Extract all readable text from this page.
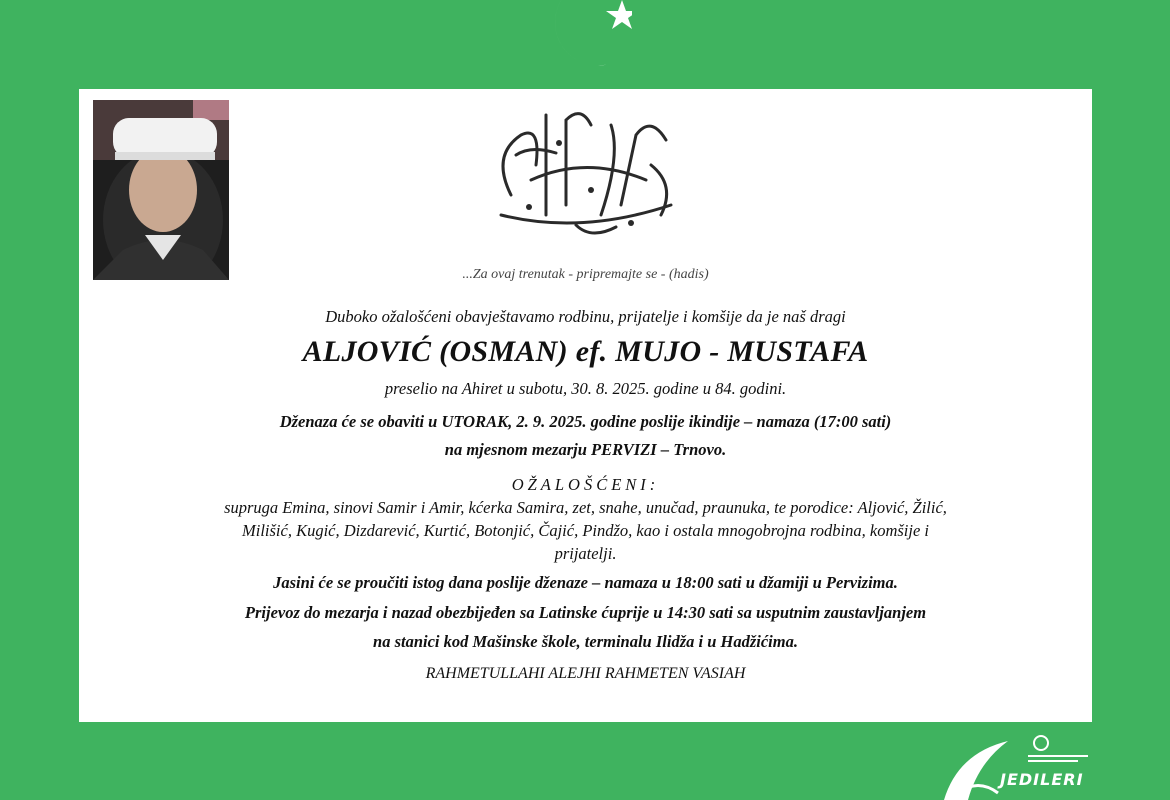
...Za ovaj trenutak - pripremajte se - (hadis)
Duboko ožalošćeni obavještavamo rodbinu, prijatelje i komšije da je naš dragi
ALJOVIĆ (OSMAN) ef. MUJO - MUSTAFA
preselio na Ahiret u subotu, 30. 8. 2025. godine u 84. godini.
Dženaza će se obaviti u UTORAK, 2. 9. 2025. godine poslije ikindije – namaza (17:00 sati)
na mjesnom mezarju PERVIZI – Trnovo.
OŽALOŠĆENI:
supruga Emina, sinovi Samir i Amir, kćerka Samira, zet, snahe, unučad, praunuka, te porodice: Aljović, Žilić,
Milišić, Kugić, Dizdarević, Kurtić, Botonjić, Čajić, Pindžo, kao i ostala mnogobrojna rodbina, komšije i
prijatelji.
Jasini će se proučiti istog dana poslije dženaze – namaza u 18:00 sati u džamiji u Pervizima.
Prijevoz do mezarja i nazad obezbijeđen sa Latinske ćuprije u 14:30 sati sa usputnim zaustavljanjem
na stanici kod Mašinske škole, terminalu Ilidža i u Hadžićima.
RAHMETULLAHI ALEJHI RAHMETEN VASIAH
JEDILERI
